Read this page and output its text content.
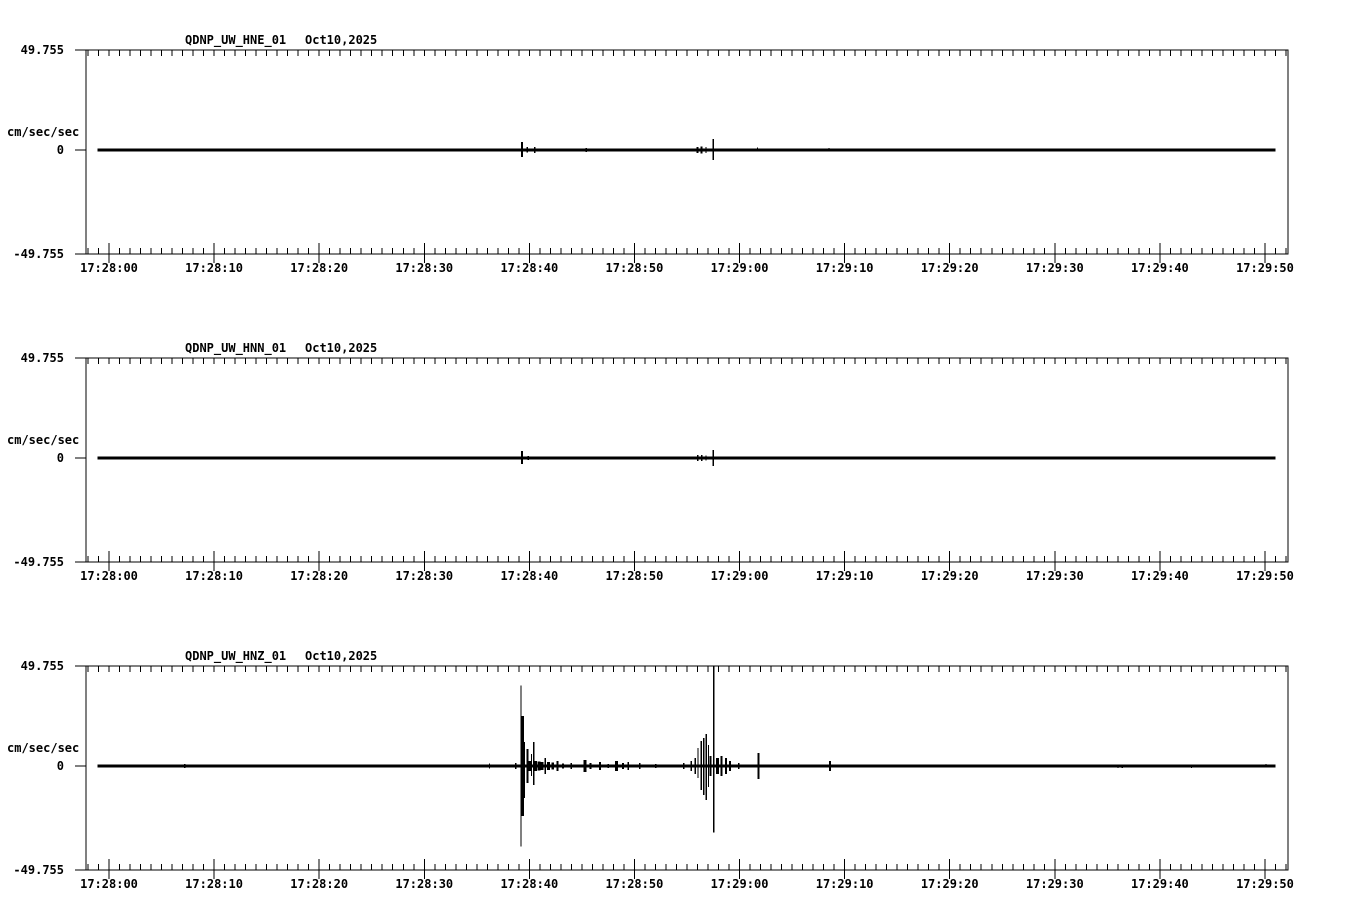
QDNP_UW_HNE_01 Oct10,2025
49.755
cm/sec/sec
0
-49.755
17:28:00	17:28:10	17:28:20	17:28:30	17:28:40	17:28:50	17:29:00	17:29:10	17:29:20	17:29:30	17:29:40	17:29:50
QDNP_UW_HNN_01 Oct10,2025
49.755
cm/sec/sec
0
-49.755
17:28:00	17:28:10	17:28:20	17:28:30	17:28:40	17:28:50	17:29:00	17:29:10	17:29:20	17:29:30	17:29:40	17:29:50
QDNP_UW_HNZ_01 Oct10,2025
49.755
cm/sec/sec
0
-49.755
17:28:00	17:28:10	17:28:20	17:28:30	17:28:40	17:28:50	17:29:00	17:29:10	17:29:20	17:29:30	17:29:40	17:29:50
